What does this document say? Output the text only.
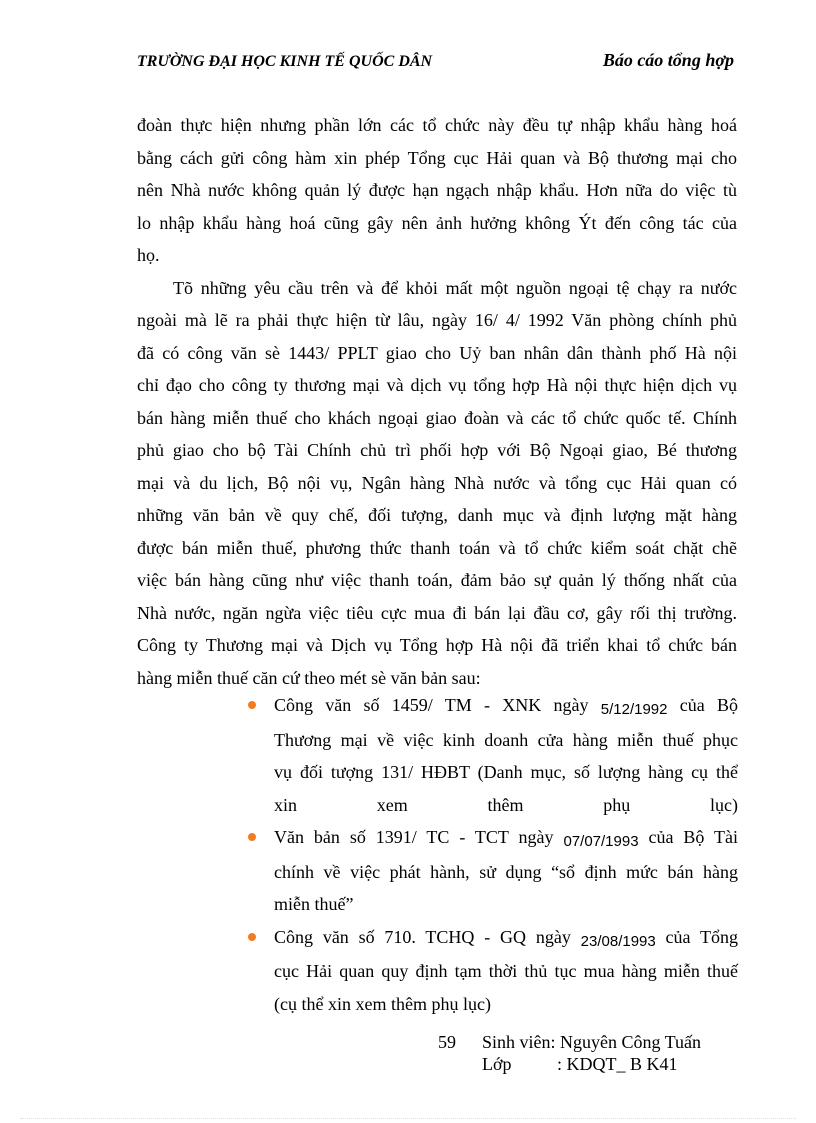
TRƯỜNG ĐẠI HỌC KINH TẾ QUỐC DÂN	Báo cáo tổng hợp

đoàn thực hiện nhưng phần lớn các tổ chức này đều tự nhập khẩu hàng hoá
bằng cách gửi công hàm xin phép Tổng cục Hải quan và Bộ thương mại cho
nên Nhà nước không quản lý được hạn ngạch nhập khẩu. Hơn nữa do việc tù
lo nhập khẩu hàng hoá cũng gây nên ảnh hưởng không Ýt đến công tác của
họ.

Tõ những yêu cầu trên và để khỏi mất một nguồn ngoại tệ chạy ra nước
ngoài mà lẽ ra phải thực hiện từ lâu, ngày 16/ 4/ 1992 Văn phòng chính phủ
đã có công văn sè 1443/ PPLT giao cho Uỷ ban nhân dân thành phố Hà nội
chỉ đạo cho công ty thương mại và dịch vụ tổng hợp Hà nội thực hiện dịch vụ
bán hàng miễn thuế cho khách ngoại giao đoàn và các tổ chức quốc tế. Chính
phủ giao cho bộ Tài Chính chủ trì phối hợp với Bộ Ngoại giao, Bé thương
mại và du lịch, Bộ nội vụ, Ngân hàng Nhà nước và tổng cục Hải quan có
những văn bản về quy chế, đối tượng, danh mục và định lượng mặt hàng
được bán miễn thuế, phương thức thanh toán và tổ chức kiểm soát chặt chẽ
việc bán hàng cũng như việc thanh toán, đảm bảo sự quản lý thống nhất của
Nhà nước, ngăn ngừa việc tiêu cực mua đi bán lại đầu cơ, gây rối thị trường.
Công ty Thương mại và Dịch vụ Tổng hợp Hà nội đã triển khai tổ chức bán
hàng miễn thuế căn cứ theo mét sè văn bản sau:

Công văn số 1459/ TM - XNK ngày 5/12/1992 của Bộ
Thương mại về việc kinh doanh cửa hàng miễn thuế phục
vụ đối tượng 131/ HĐBT (Danh mục, số lượng hàng cụ thể
xin xem thêm phụ lục)
Văn bản số 1391/ TC - TCT ngày 07/07/1993 của Bộ Tài
chính về việc phát hành, sử dụng “sổ định mức bán hàng
miễn thuế”
Công văn số 710. TCHQ - GQ ngày 23/08/1993 của Tổng
cục Hải quan quy định tạm thời thủ tục mua hàng miễn thuế
(cụ thể xin xem thêm phụ lục)
59 Sinh viên: Nguyên Công Tuấn
Lớp	: KDQT_ B K41
